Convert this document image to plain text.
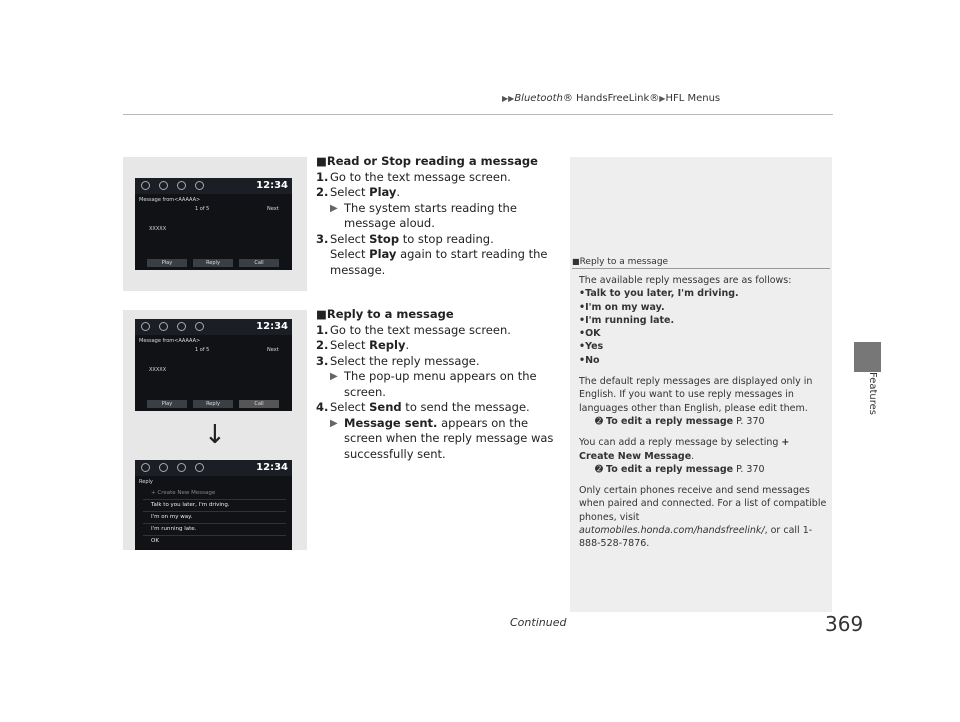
▶▶Bluetooth® HandsFreeLink®▶HFL Menus
Features
12:34
Message from<AAAAA>
1 of 5	Next
XXXXX
Play	Reply	Call
12:34
Message from<AAAAA>
1 of 5	Next
XXXXX
Play	Reply	Call
12:34
Reply
+ Create New Message
Talk to you later, I'm driving.
I'm on my way.
I'm running late.
OK
↓
■Read or Stop reading a message
1. Go to the text message screen.
2. Select Play.
▶ The system starts reading the message aloud.
3. Select Stop to stop reading.
Select Play again to start reading the message.
■Reply to a message
1. Go to the text message screen.
2. Select Reply.
3. Select the reply message.
▶ The pop-up menu appears on the screen.
4. Select Send to send the message.
▶ Message sent. appears on the screen when the reply message was successfully sent.
■Reply to a message
The available reply messages are as follows:
•Talk to you later, I'm driving.
•I'm on my way.
•I'm running late.
•OK
•Yes
•No
The default reply messages are displayed only in English. If you want to use reply messages in languages other than English, please edit them.
➋ To edit a reply message P. 370
You can add a reply message by selecting + Create New Message.
➋ To edit a reply message P. 370
Only certain phones receive and send messages when paired and connected. For a list of compatible phones, visit automobiles.honda.com/handsfreelink/, or call 1-888-528-7876.
Continued	369
